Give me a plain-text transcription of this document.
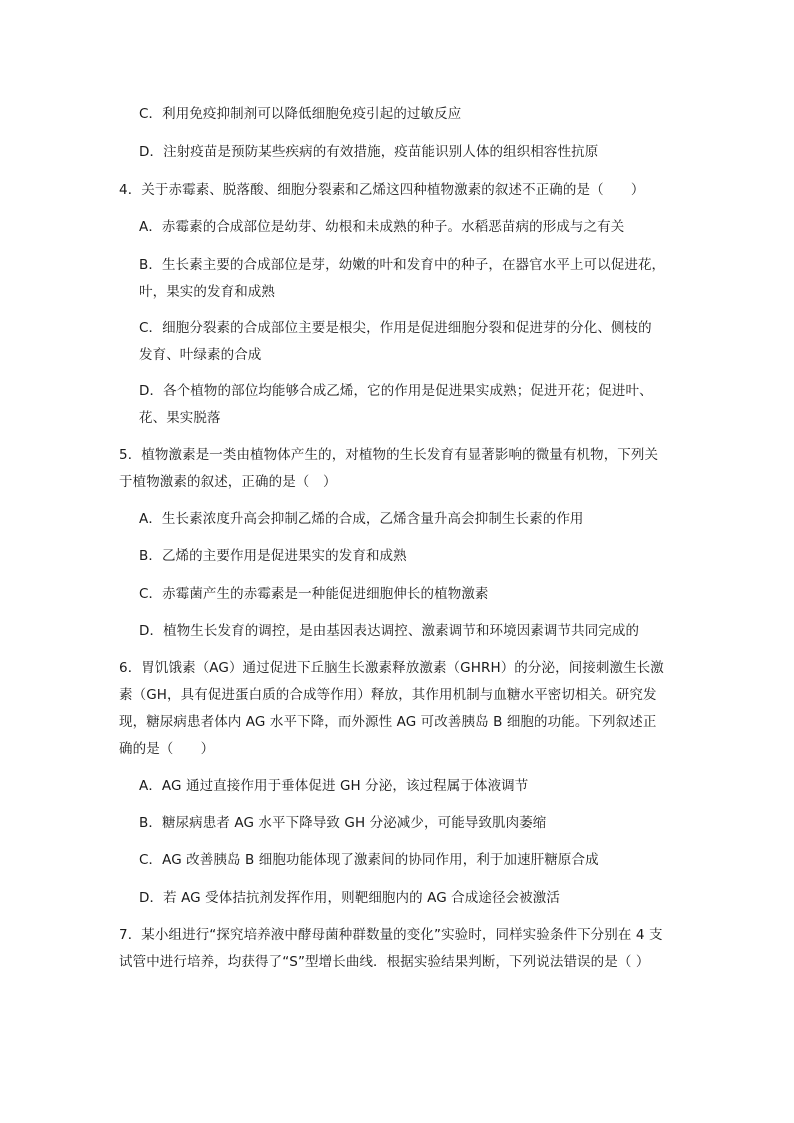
C．利用免疫抑制剂可以降低细胞免疫引起的过敏反应
D．注射疫苗是预防某些疾病的有效措施，疫苗能识别人体的组织相容性抗原
4．关于赤霉素、脱落酸、细胞分裂素和乙烯这四种植物激素的叙述不正确的是（　　）
A．赤霉素的合成部位是幼芽、幼根和未成熟的种子。水稻恶苗病的形成与之有关
B．生长素主要的合成部位是芽，幼嫩的叶和发育中的种子，在器官水平上可以促进花，
叶，果实的发育和成熟
C．细胞分裂素的合成部位主要是根尖，作用是促进细胞分裂和促进芽的分化、侧枝的
发育、叶绿素的合成
D．各个植物的部位均能够合成乙烯，它的作用是促进果实成熟；促进开花；促进叶、
花、果实脱落
5．植物激素是一类由植物体产生的，对植物的生长发育有显著影响的微量有机物，下列关
于植物激素的叙述，正确的是（　）
A．生长素浓度升高会抑制乙烯的合成，乙烯含量升高会抑制生长素的作用
B．乙烯的主要作用是促进果实的发育和成熟
C．赤霉菌产生的赤霉素是一种能促进细胞伸长的植物激素
D．植物生长发育的调控，是由基因表达调控、激素调节和环境因素调节共同完成的
6．胃饥饿素（AG）通过促进下丘脑生长激素释放激素（GHRH）的分泌，间接刺激生长激
素（GH，具有促进蛋白质的合成等作用）释放，其作用机制与血糖水平密切相关。研究发
现，糖尿病患者体内 AG 水平下降，而外源性 AG 可改善胰岛 B 细胞的功能。下列叙述正
确的是（　　）
A．AG 通过直接作用于垂体促进 GH 分泌，该过程属于体液调节
B．糖尿病患者 AG 水平下降导致 GH 分泌减少，可能导致肌肉萎缩
C．AG 改善胰岛 B 细胞功能体现了激素间的协同作用，利于加速肝糖原合成
D．若 AG 受体拮抗剂发挥作用，则靶细胞内的 AG 合成途径会被激活
7．某小组进行“探究培养液中酵母菌种群数量的变化”实验时，同样实验条件下分别在 4 支
试管中进行培养，均获得了“S”型增长曲线．根据实验结果判断，下列说法错误的是（ ）
